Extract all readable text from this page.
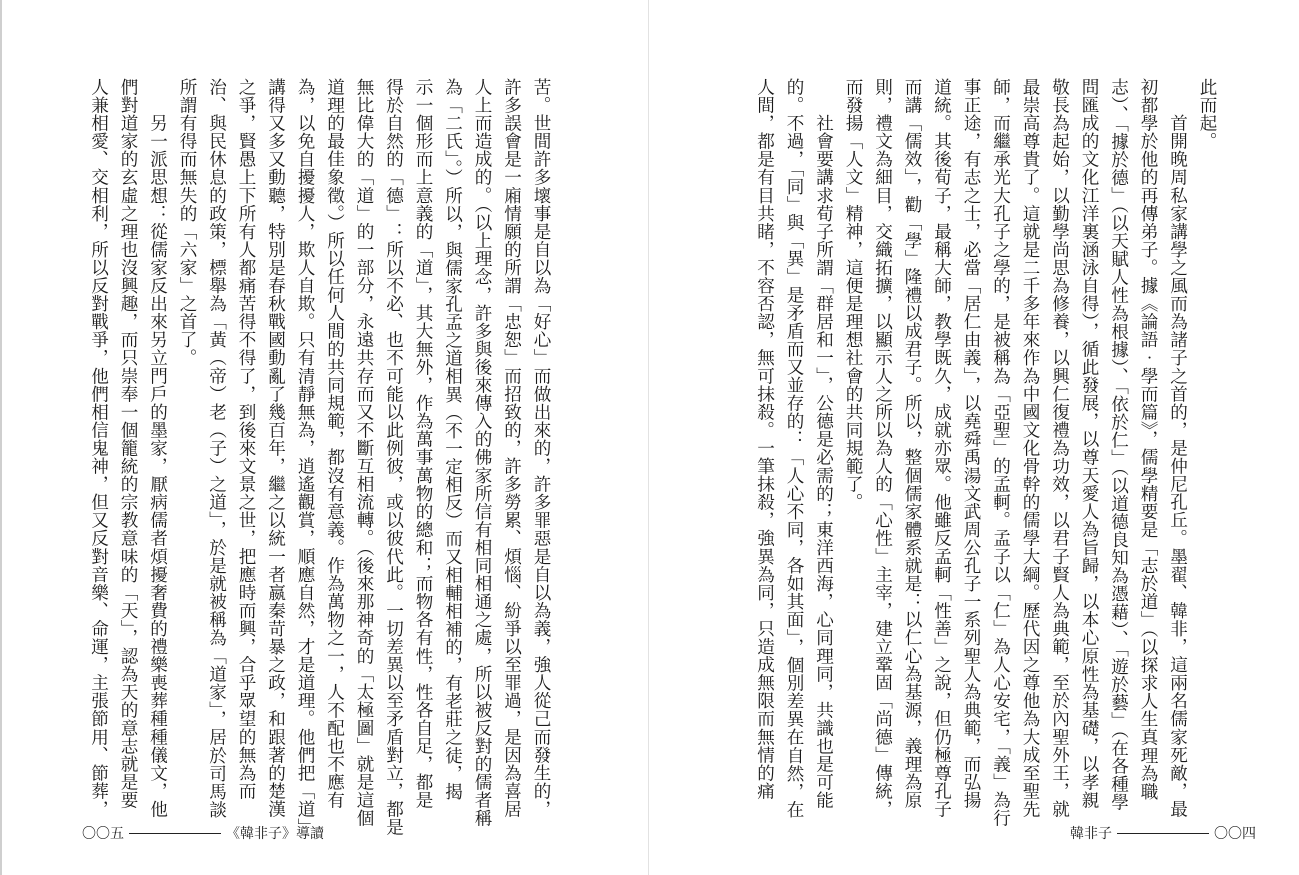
苦。世間許多壞事是自以為「好心」而做出來的，許多罪惡是自以為義，強人從己而發生的，
許多誤會是一廂情願的所謂「忠恕」而招致的，許多勞累、煩惱、紛爭以至罪過，是因為喜居
人上而造成的。（以上理念，許多與後來傳入的佛家所信有相同相通之處，所以被反對的儒者稱
為「二氏」。）所以，與儒家孔孟之道相異（不一定相反）而又相輔相補的，有老莊之徒，揭
示一個形而上意義的「道」，其大無外，作為萬事萬物的總和；而物各有性，性各自足，都是
得於自然的「德」：所以不必、也不可能以此例彼，或以彼代此。一切差異以至矛盾對立，都是
無比偉大的「道」的一部分，永遠共存而又不斷互相流轉。（後來那神奇的「太極圖」就是這個
道理的最佳象徵。）所以任何人間的共同規範，都沒有意義。作為萬物之一，人不配也不應有
為，以免自擾擾人，欺人自欺。只有清靜無為，逍遙觀賞，順應自然，才是道理。他們把「道」
講得又多又動聽，特別是春秋戰國動亂了幾百年，繼之以統一者嬴秦苛暴之政，和跟著的楚漢
之爭，賢愚上下所有人都痛苦得不得了，到後來文景之世，把應時而興，合乎眾望的無為而
治、與民休息的政策，標舉為「黃（帝）老（子）之道」，於是就被稱為「道家」，居於司馬談
所謂有得而無失的「六家」之首了。
　　另一派思想：從儒家反出來另立門戶的墨家，厭病儒者煩擾奢費的禮樂喪葬種種儀文，他
們對道家的玄虛之理也沒興趣，而只崇奉一個籠統的宗教意味的「天」，認為天的意志就是要
人兼相愛、交相利，所以反對戰爭，他們相信鬼神，但又反對音樂、命運，主張節用、節葬，
〇〇五	《韓非子》導讀
此而起。
　　首開晚周私家講學之風而為諸子之首的，是仲尼孔丘。墨翟、韓非，這兩名儒家死敵，最
初都學於他的再傳弟子。據《論語‧學而篇》，儒學精要是「志於道」（以探求人生真理為職
志）、「據於德」（以天賦人性為根據）、「依於仁」（以道德良知為憑藉）、「遊於藝」（在各種學
問匯成的文化江洋裏涵泳自得），循此發展，以尊天愛人為旨歸，以本心原性為基礎，以孝親
敬長為起始，以勤學尚思為修養，以興仁復禮為功效，以君子賢人為典範，至於內聖外王，就
最崇高尊貴了。這就是二千多年來作為中國文化骨幹的儒學大綱。歷代因之尊他為大成至聖先
師，而繼承光大孔子之學的，是被稱為「亞聖」的孟軻。孟子以「仁」為人心安宅，「義」為行
事正途，有志之士，必當「居仁由義」，以堯舜禹湯文武周公孔子一系列聖人為典範，而弘揚
道統。其後荀子，最稱大師，教學既久，成就亦眾。他雖反孟軻「性善」之說，但仍極尊孔子
而講「儒效」，勸「學」隆禮以成君子。所以，整個儒家體系就是：以仁心為基源，義理為原
則，禮文為細目，交織拓擴，以顯示人之所以為人的「心性」主宰，建立鞏固「尚德」傳統，
而發揚「人文」精神，這便是理想社會的共同規範了。
　　社會要講求荀子所謂「群居和一」，公德是必需的；東洋西海，心同理同，共識也是可能
的。不過，「同」與「異」是矛盾而又並存的：「人心不同，各如其面」，個別差異在自然，在
人間，都是有目共睹，不容否認，無可抹殺。一筆抹殺，強異為同，只造成無限而無情的痛
韓非子	〇〇四
